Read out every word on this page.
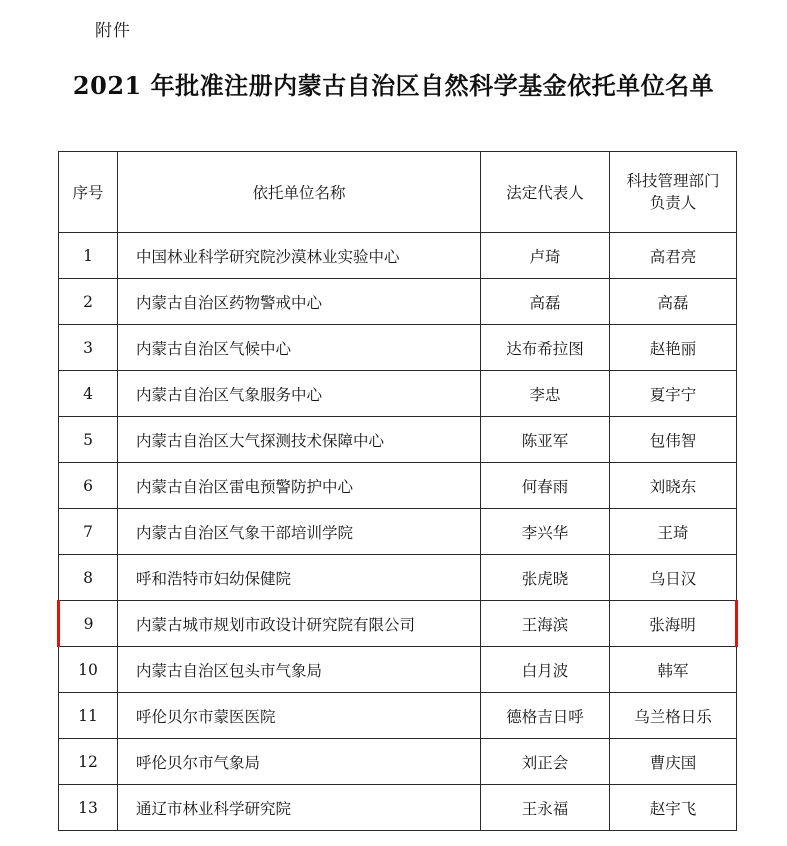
附件
2021 年批准注册内蒙古自治区自然科学基金依托单位名单
序号	依托单位名称	法定代表人	科技管理部门
负责人
1	中国林业科学研究院沙漠林业实验中心	卢琦	高君亮
2	内蒙古自治区药物警戒中心	高磊	高磊
3	内蒙古自治区气候中心	达布希拉图	赵艳丽
4	内蒙古自治区气象服务中心	李忠	夏宇宁
5	内蒙古自治区大气探测技术保障中心	陈亚军	包伟智
6	内蒙古自治区雷电预警防护中心	何春雨	刘晓东
7	内蒙古自治区气象干部培训学院	李兴华	王琦
8	呼和浩特市妇幼保健院	张虎晓	乌日汉
9	内蒙古城市规划市政设计研究院有限公司	王海滨	张海明
10	内蒙古自治区包头市气象局	白月波	韩军
11	呼伦贝尔市蒙医医院	德格吉日呼	乌兰格日乐
12	呼伦贝尔市气象局	刘正会	曹庆国
13	通辽市林业科学研究院	王永福	赵宇飞
